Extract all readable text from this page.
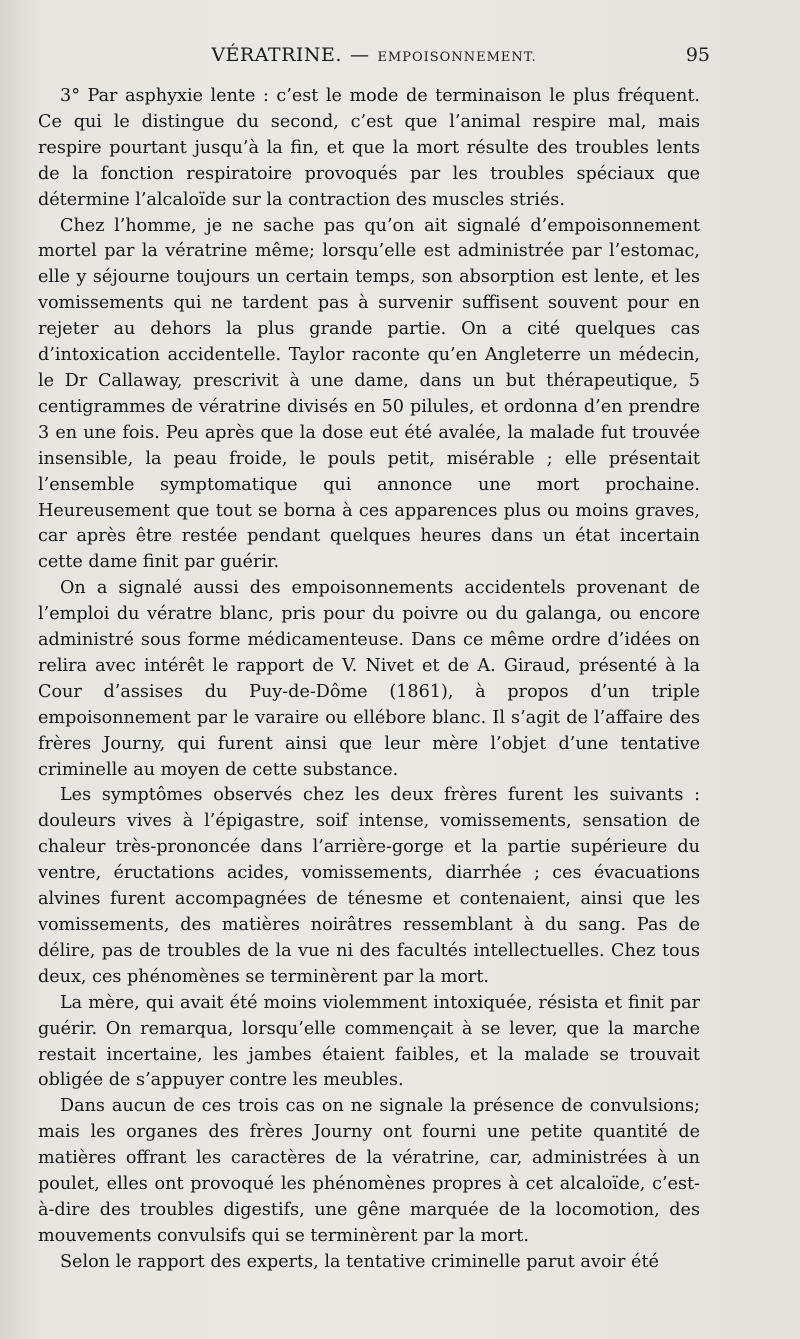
VÉRATRINE. — EMPOISONNEMENT.	95

3° Par asphyxie lente : c’est le mode de terminaison le plus fréquent. Ce qui le distingue du second, c’est que l’animal respire mal, mais respire pourtant jusqu’à la fin, et que la mort résulte des troubles lents de la fonction respiratoire provoqués par les troubles spéciaux que détermine l’alcaloïde sur la contraction des muscles striés.

Chez l’homme, je ne sache pas qu’on ait signalé d’empoisonnement mortel par la vératrine même; lorsqu’elle est administrée par l’estomac, elle y séjourne toujours un certain temps, son absorption est lente, et les vomissements qui ne tardent pas à survenir suffisent souvent pour en rejeter au dehors la plus grande partie. On a cité quelques cas d’intoxication accidentelle. Taylor raconte qu’en Angleterre un médecin, le Dr Callaway, prescrivit à une dame, dans un but thérapeutique, 5 centigrammes de vératrine divisés en 50 pilules, et ordonna d’en prendre 3 en une fois. Peu après que la dose eut été avalée, la malade fut trouvée insensible, la peau froide, le pouls petit, misérable ; elle présentait l’ensemble symptomatique qui annonce une mort prochaine. Heureusement que tout se borna à ces apparences plus ou moins graves, car après être restée pendant quelques heures dans un état incertain cette dame finit par guérir.

On a signalé aussi des empoisonnements accidentels provenant de l’emploi du vératre blanc, pris pour du poivre ou du galanga, ou encore administré sous forme médicamenteuse. Dans ce même ordre d’idées on relira avec intérêt le rapport de V. Nivet et de A. Giraud, présenté à la Cour d’assises du Puy-de-Dôme (1861), à propos d’un triple empoisonnement par le varaire ou ellébore blanc. Il s’agit de l’affaire des frères Journy, qui furent ainsi que leur mère l’objet d’une tentative criminelle au moyen de cette substance.

Les symptômes observés chez les deux frères furent les suivants : douleurs vives à l’épigastre, soif intense, vomissements, sensation de chaleur très-prononcée dans l’arrière-gorge et la partie supérieure du ventre, éructations acides, vomissements, diarrhée ; ces évacuations alvines furent accompagnées de ténesme et contenaient, ainsi que les vomissements, des matières noirâtres ressemblant à du sang. Pas de délire, pas de troubles de la vue ni des facultés intellectuelles. Chez tous deux, ces phénomènes se terminèrent par la mort.

La mère, qui avait été moins violemment intoxiquée, résista et finit par guérir. On remarqua, lorsqu’elle commençait à se lever, que la marche restait incertaine, les jambes étaient faibles, et la malade se trouvait obligée de s’appuyer contre les meubles.

Dans aucun de ces trois cas on ne signale la présence de convulsions; mais les organes des frères Journy ont fourni une petite quantité de matières offrant les caractères de la vératrine, car, administrées à un poulet, elles ont provoqué les phénomènes propres à cet alcaloïde, c’est-à-dire des troubles digestifs, une gêne marquée de la locomotion, des mouvements convulsifs qui se terminèrent par la mort.

Selon le rapport des experts, la tentative criminelle parut avoir été
